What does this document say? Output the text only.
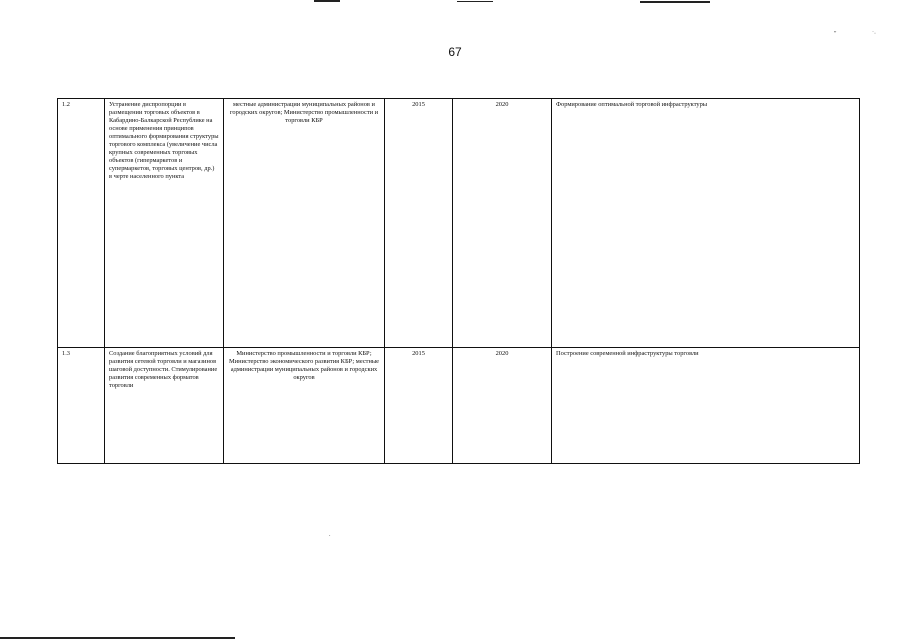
″	˙·
.
67
1.2	Устранение диспропорции в размещении торговых объектов в Кабардино-Балкарской Республике на основе применения принципов оптимального формирования структуры торгового комплекса (увеличение числа крупных современных торговых объектов (гипермаркетов и супермаркетов, торговых центров, др.) в черте населенного пункта	местные администрации муниципальных районов и городских округов; Министерство промышленности и торговли КБР	2015	2020	Формирование оптимальной торговой инфраструктуры
1.3	Создание благоприятных условий для развития сетевой торговли и магазинов шаговой доступности. Стимулирование развития современных форматов торговли	Министерство промышленности и торговли КБР; Министерство экономического развития КБР; местные администрации муниципальных районов и городских округов	2015	2020	Построение современной инфраструктуры торговли
